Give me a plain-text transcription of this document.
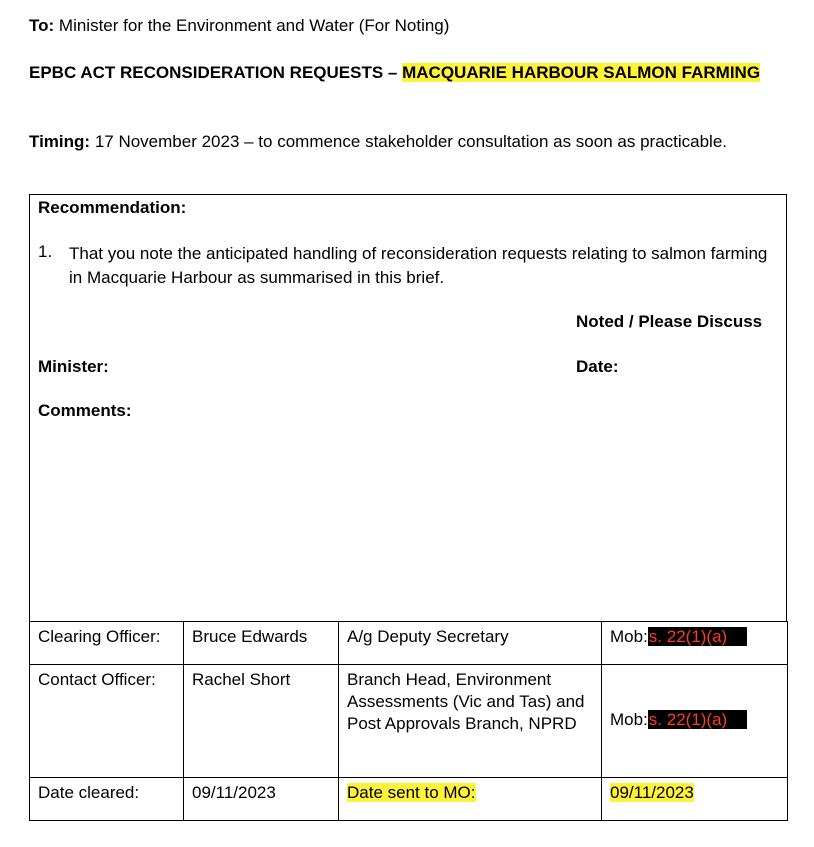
To: Minister for the Environment and Water (For Noting)
EPBC ACT RECONSIDERATION REQUESTS – MACQUARIE HARBOUR SALMON FARMING
Timing: 17 November 2023 – to commence stakeholder consultation as soon as practicable.
Recommendation:
1. That you note the anticipated handling of reconsideration requests relating to salmon farming in Macquarie Harbour as summarised in this brief.
Noted / Please Discuss
Minister:	Date:
Comments:
Clearing Officer:	Bruce Edwards	A/g Deputy Secretary	Mob:s. 22(1)(a)
Contact Officer:	Rachel Short	Branch Head, Environment Assessments (Vic and Tas) and Post Approvals Branch, NPRD	Mob:s. 22(1)(a)
Date cleared:	09/11/2023	Date sent to MO:	09/11/2023
